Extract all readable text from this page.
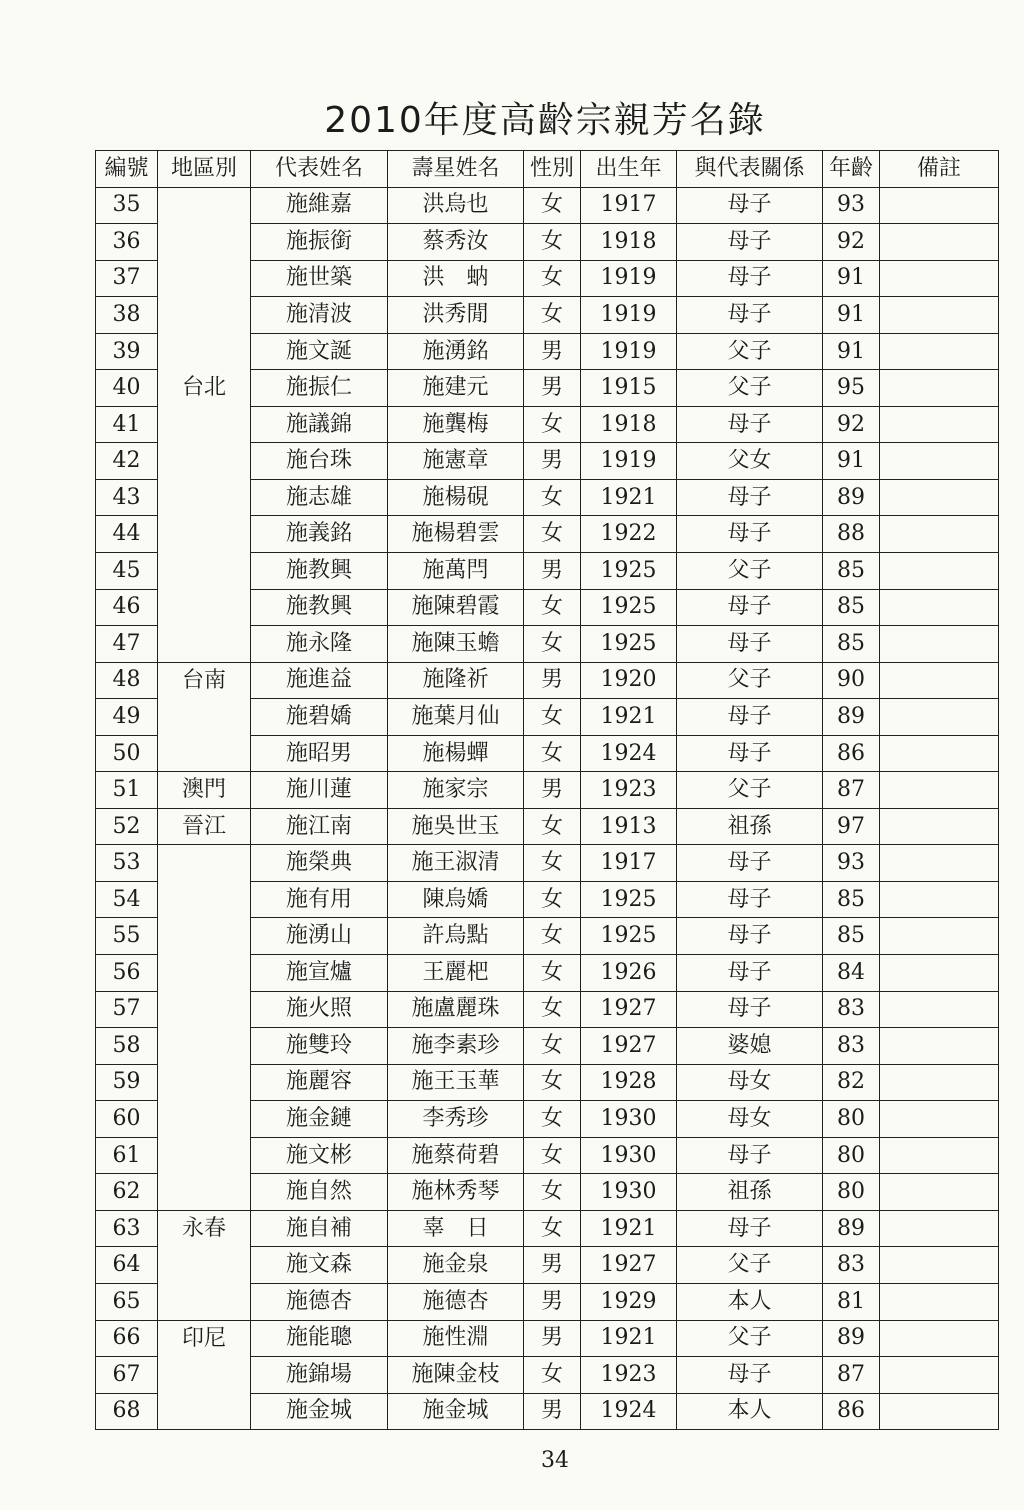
2010年度高齡宗親芳名錄
編號	地區別	代表姓名	壽星姓名	性別	出生年	與代表關係	年齡	備註
35		施維嘉	洪烏也	女	1917	母子	93	
36		施振銜	蔡秀汝	女	1918	母子	92	
37		施世築	洪　蚋	女	1919	母子	91	
38		施清波	洪秀閒	女	1919	母子	91	
39		施文誕	施湧銘	男	1919	父子	91	
40	台北	施振仁	施建元	男	1915	父子	95	
41		施議錦	施龔梅	女	1918	母子	92	
42		施台珠	施憲章	男	1919	父女	91	
43		施志雄	施楊硯	女	1921	母子	89	
44		施義銘	施楊碧雲	女	1922	母子	88	
45		施教興	施萬閂	男	1925	父子	85	
46		施教興	施陳碧霞	女	1925	母子	85	
47		施永隆	施陳玉蟾	女	1925	母子	85	
48	台南	施進益	施隆祈	男	1920	父子	90	
49		施碧嬌	施葉月仙	女	1921	母子	89	
50		施昭男	施楊蟬	女	1924	母子	86	
51	澳門	施川蓮	施家宗	男	1923	父子	87	
52	晉江	施江南	施吳世玉	女	1913	祖孫	97	
53		施榮典	施王淑清	女	1917	母子	93	
54		施有用	陳烏嬌	女	1925	母子	85	
55		施湧山	許烏點	女	1925	母子	85	
56		施宣爐	王麗杷	女	1926	母子	84	
57		施火照	施盧麗珠	女	1927	母子	83	
58		施雙玲	施李素珍	女	1927	婆媳	83	
59		施麗容	施王玉華	女	1928	母女	82	
60		施金鏈	李秀珍	女	1930	母女	80	
61		施文彬	施蔡荷碧	女	1930	母子	80	
62		施自然	施林秀琴	女	1930	祖孫	80	
63	永春	施自補	辜　日	女	1921	母子	89	
64		施文森	施金泉	男	1927	父子	83	
65		施德杏	施德杏	男	1929	本人	81	
66	印尼	施能聰	施性淵	男	1921	父子	89	
67		施錦場	施陳金枝	女	1923	母子	87	
68		施金城	施金城	男	1924	本人	86	
34
